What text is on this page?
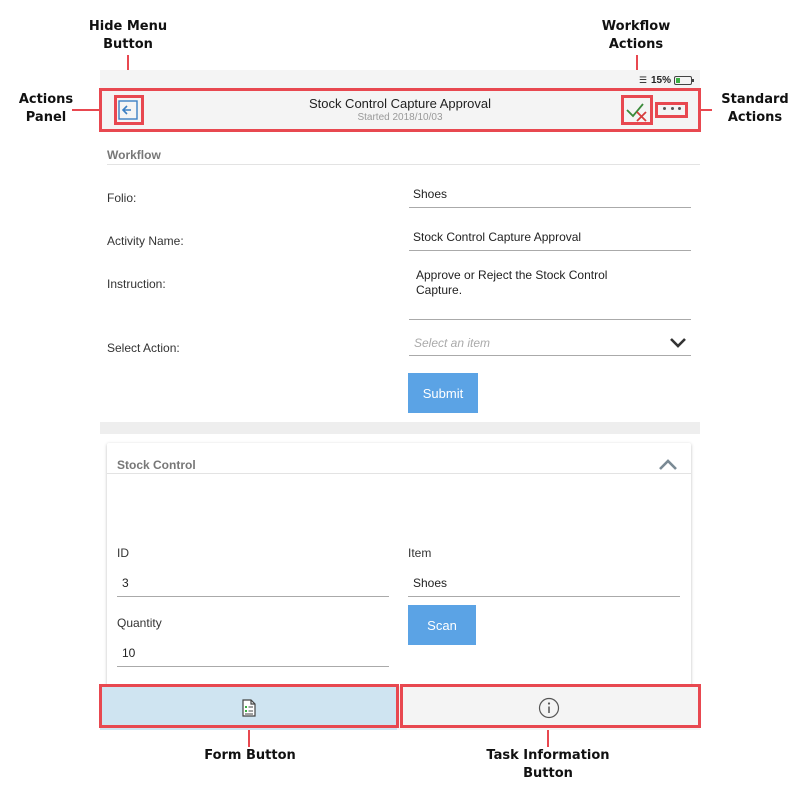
Hide Menu
Button
Workflow
Actions
Actions
Panel
Standard
Actions
Form Button	Task Information
Button
☰ 15%
Stock Control Capture Approval
Started 2018/10/03
Workflow
Folio:	Shoes
Activity Name:	Stock Control Capture Approval
Instruction:
Approve or Reject the Stock Control
Capture.
Select Action:	Select an item
Submit
Stock Control
ID
3
Item
Shoes
Scan
Quantity
10
